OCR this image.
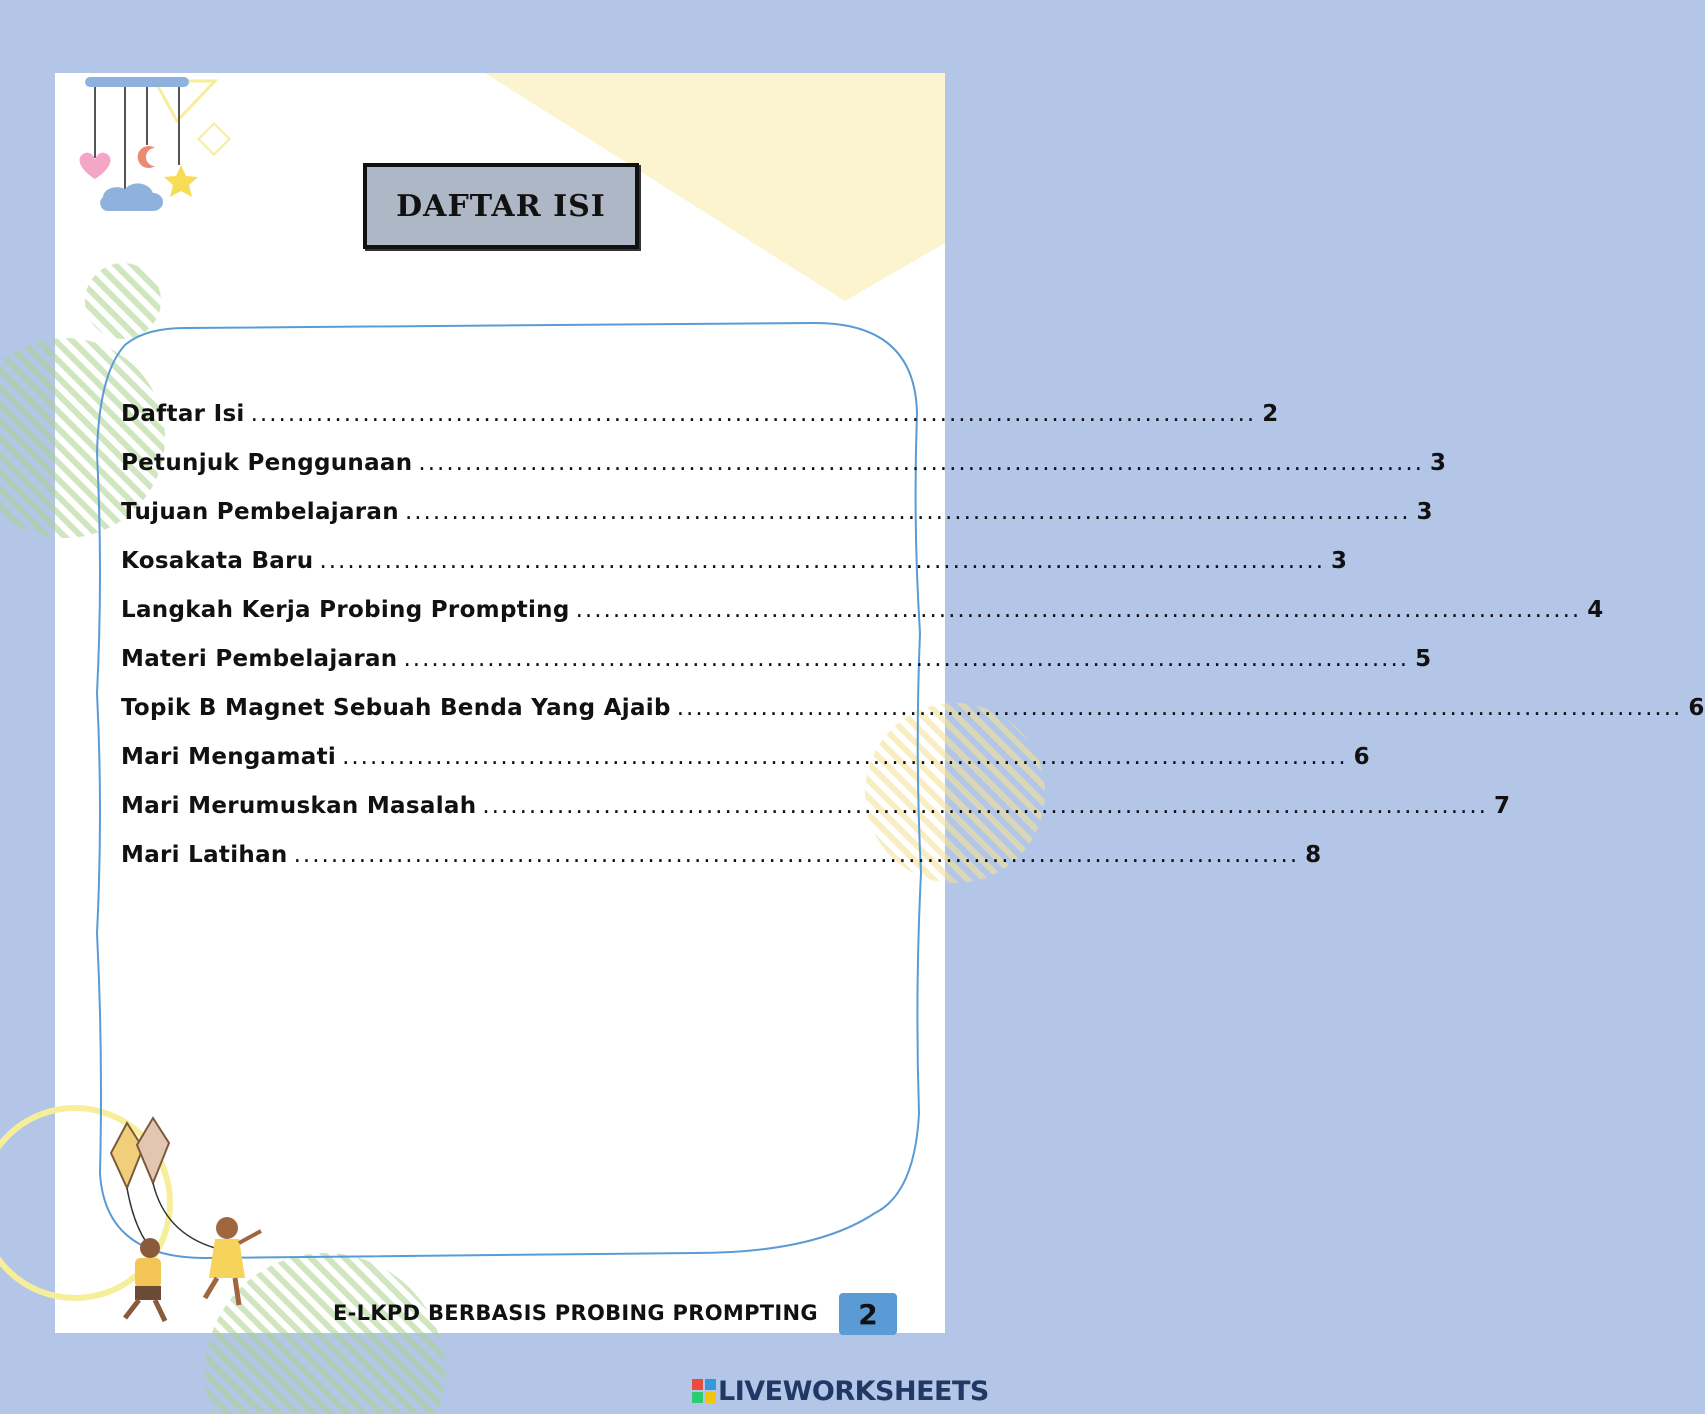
DAFTAR ISI
Daftar Isi ............................................................................................................ 2
Petunjuk Penggunaan ............................................................................................................ 3
Tujuan Pembelajaran ............................................................................................................ 3
Kosakata Baru ............................................................................................................ 3
Langkah Kerja Probing Prompting ............................................................................................................ 4
Materi Pembelajaran ............................................................................................................ 5
Topik B Magnet Sebuah Benda Yang Ajaib ............................................................................................................ 6
Mari Mengamati ............................................................................................................ 6
Mari Merumuskan Masalah ............................................................................................................ 7
Mari Latihan ............................................................................................................ 8
E-LKPD BERBASIS PROBING PROMPTING 2
LIVEWORKSHEETS
